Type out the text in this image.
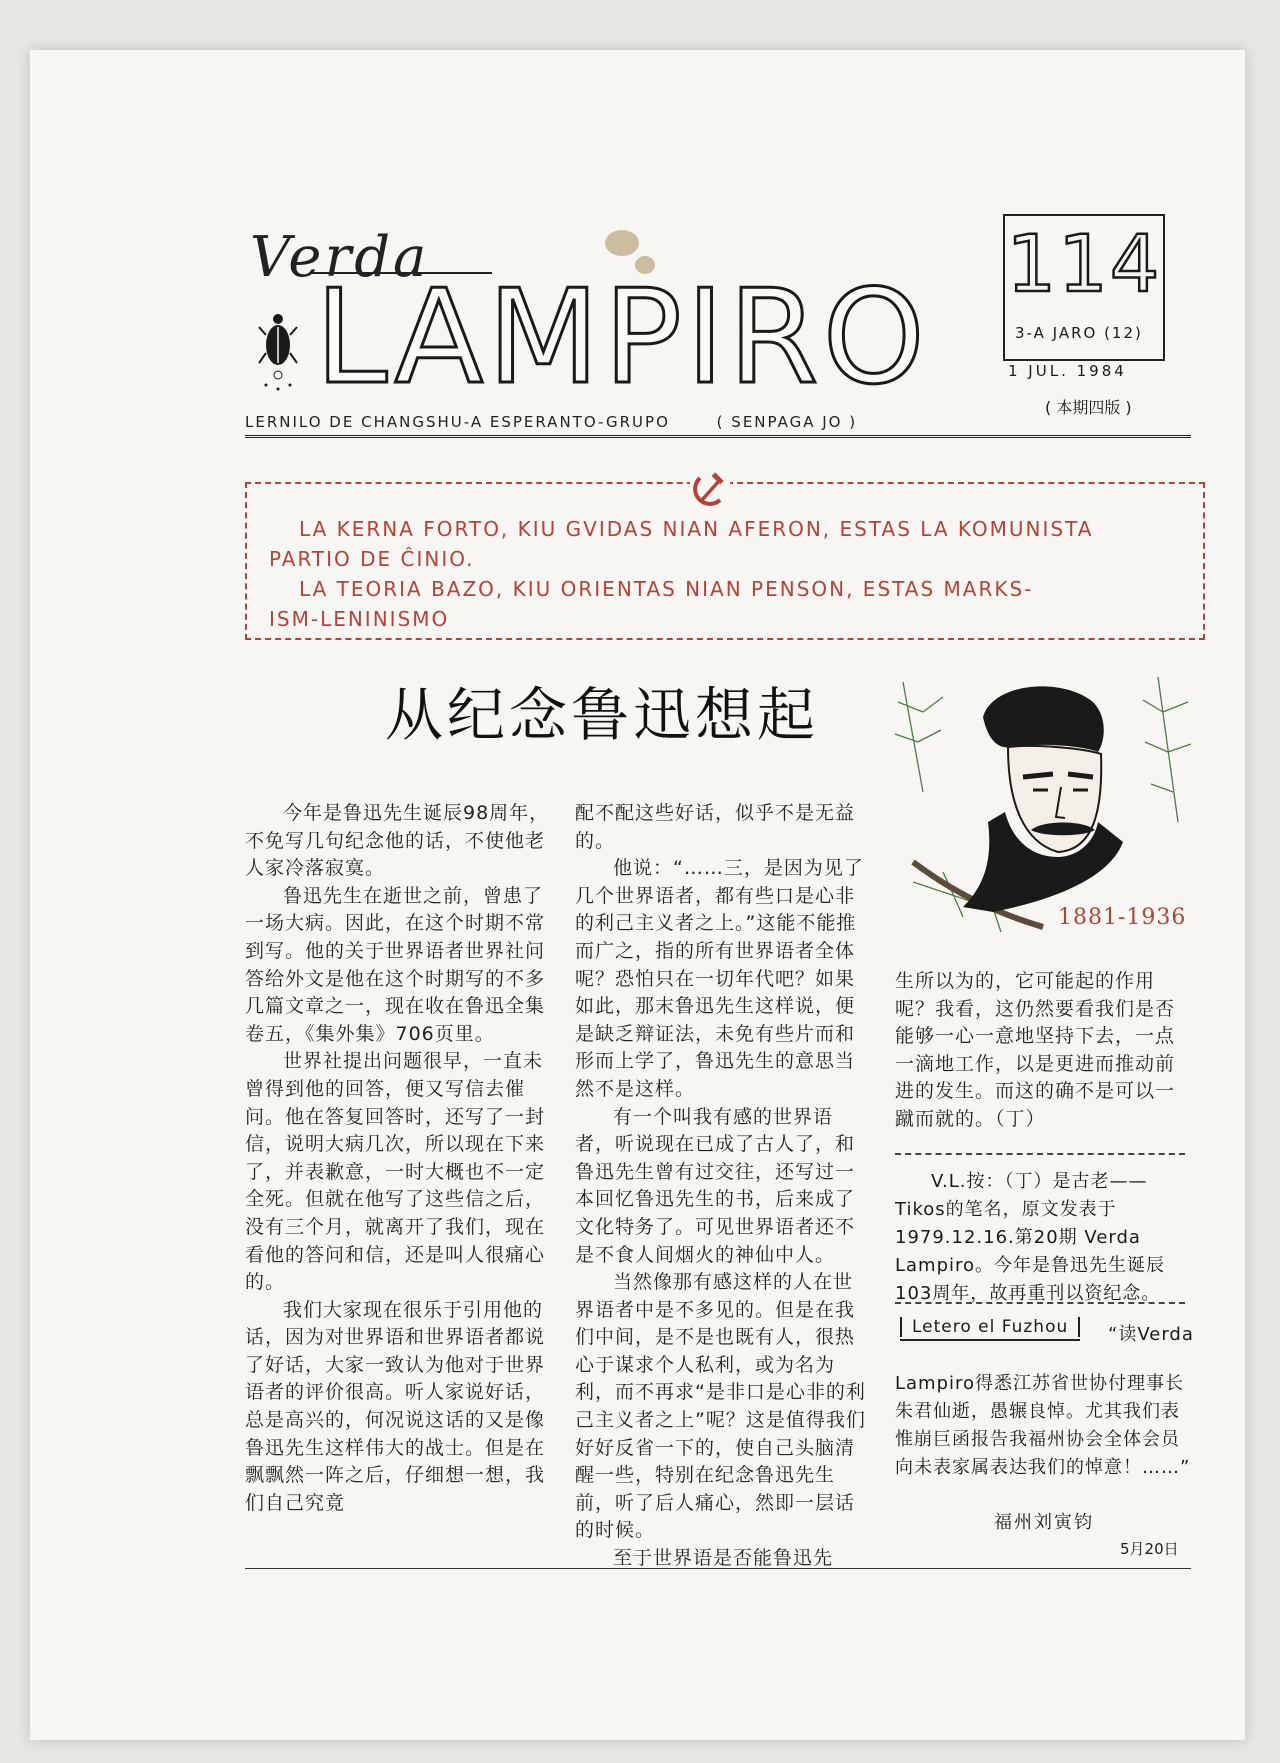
Verda
LAMPIRO
LERNILO DE CHANGSHU-A ESPERANTO-GRUPO	( SENPAGA JO )
114
3-A JARO (12)
1 JUL. 1984
( 本期四版 )

LA KERNA FORTO, KIU GVIDAS NIAN AFERON, ESTAS LA KOMUNISTA

PARTIO DE ĈINIO.

LA TEORIA BAZO, KIU ORIENTAS NIAN PENSON, ESTAS MARKS-

ISM-LENINISMO

从纪念鲁迅想起

今年是鲁迅先生诞辰98周年，不免写几句纪念他的话，不使他老人家冷落寂寞。

鲁迅先生在逝世之前，曾患了一场大病。因此，在这个时期不常到写。他的关于世界语者世界社问答给外文是他在这个时期写的不多几篇文章之一，现在收在鲁迅全集卷五，《集外集》706页里。

世界社提出问题很早，一直未曾得到他的回答，便又写信去催问。他在答复回答时，还写了一封信，说明大病几次，所以现在下来了，并表歉意，一时大概也不一定全死。但就在他写了这些信之后，没有三个月，就离开了我们，现在看他的答问和信，还是叫人很痛心的。

我们大家现在很乐于引用他的话，因为对世界语和世界语者都说了好话，大家一致认为他对于世界语者的评价很高。听人家说好话，总是高兴的，何况说这话的又是像鲁迅先生这样伟大的战士。但是在飘飘然一阵之后，仔细想一想，我们自己究竟

配不配这些好话，似乎不是无益的。

他说：“……三，是因为见了几个世界语者，都有些口是心非的利己主义者之上。”这能不能推而广之，指的所有世界语者全体呢？恐怕只在一切年代吧？如果如此，那末鲁迅先生这样说，便是缺乏辩证法，未免有些片而和形而上学了，鲁迅先生的意思当然不是这样。

有一个叫我有感的世界语者，听说现在已成了古人了，和鲁迅先生曾有过交往，还写过一本回忆鲁迅先生的书，后来成了文化特务了。可见世界语者还不是不食人间烟火的神仙中人。

当然像那有感这样的人在世界语者中是不多见的。但是在我们中间，是不是也既有人，很热心于谋求个人私利，或为名为利，而不再求“是非口是心非的利己主义者之上”呢？这是值得我们好好反省一下的，使自己头脑清醒一些，特别在纪念鲁迅先生前，听了后人痛心，然即一层话的时候。

至于世界语是否能鲁迅先

1881-1936

生所以为的，它可能起的作用呢？我看，这仍然要看我们是否能够一心一意地坚持下去，一点一滴地工作，以是更进而推动前进的发生。而这的确不是可以一蹴而就的。（丁）

V.L.按：（丁）是古老——Tikos的笔名，原文发表于1979.12.16.第20期 Verda Lampiro。今年是鲁迅先生诞辰103周年，故再重刊以资纪念。

Letero el Fuzhou	“读Verda
Lampiro得悉江苏省世协付理事长朱君仙逝，愚辗良悼。尤其我们表惟崩巨函报告我福州协会全体会员向未表家属表达我们的悼意！……”
福州刘寅钧
5月20日
